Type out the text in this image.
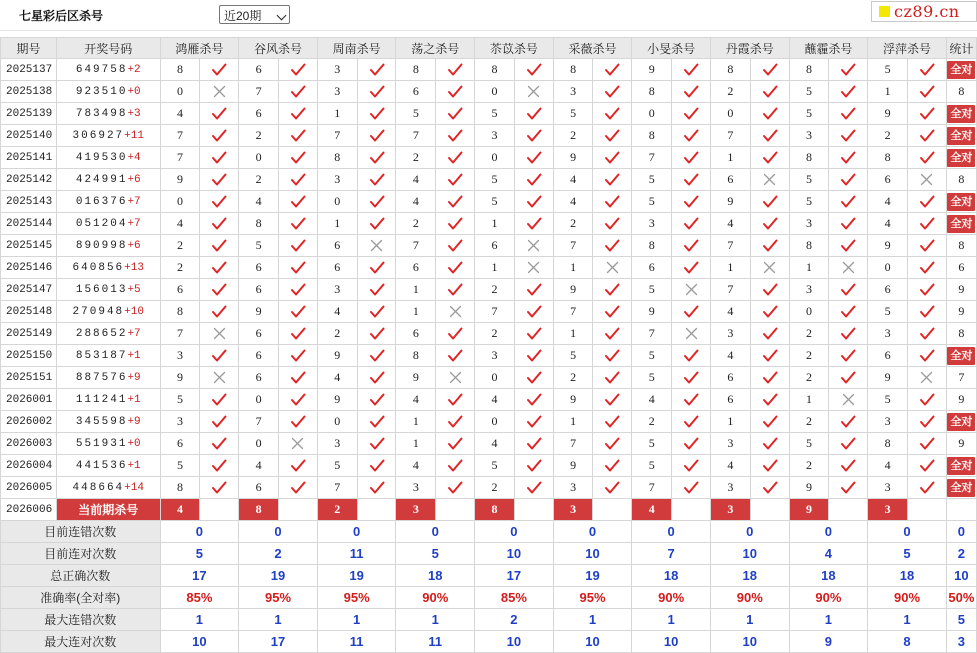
七星彩后区杀号	近20期	cz89.cn
期号	开奖号码	鸿雁杀号		谷风杀号		周南杀号		荡之杀号		苶苡杀号		采薇杀号		小旻杀号		丹霞杀号		蘸霾杀号		浮萍杀号		统计
2025137	649758+2	8		6		3		8		8		8		9		8		8		5		全对
2025138	923510+0	0		7		3		6		0		3		8		2		5		1		8
2025139	783498+3	4		6		1		5		5		5		0		0		5		9		全对
2025140	306927+11	7		2		7		7		3		2		8		7		3		2		全对
2025141	419530+4	7		0		8		2		0		9		7		1		8		8		全对
2025142	424991+6	9		2		3		4		5		4		5		6		5		6		8
2025143	016376+7	0		4		0		4		5		4		5		9		5		4		全对
2025144	051204+7	4		8		1		2		1		2		3		4		3		4		全对
2025145	890998+6	2		5		6		7		6		7		8		7		8		9		8
2025146	640856+13	2		6		6		6		1		1		6		1		1		0		6
2025147	156013+5	6		6		3		1		2		9		5		7		3		6		9
2025148	270948+10	8		9		4		1		7		7		9		4		0		5		9
2025149	288652+7	7		6		2		6		2		1		7		3		2		3		8
2025150	853187+1	3		6		9		8		3		5		5		4		2		6		全对
2025151	887576+9	9		6		4		9		0		2		5		6		2		9		7
2026001	111241+1	5		0		9		4		4		9		4		6		1		5		9
2026002	345598+9	3		7		0		1		0		1		2		1		2		3		全对
2026003	551931+0	6		0		3		1		4		7		5		3		5		8		9
2026004	441536+1	5		4		5		4		5		9		5		4		2		4		全对
2026005	448664+14	8		6		7		3		2		3		7		3		9		3		全对
2026006	当前期杀号	4		8		2		3		8		3		4		3		9		3		
目前连错次数		0		0		0		0		0		0		0		0		0		0		0
目前连对次数		5		2		11		5		10		10		7		10		4		5		2
总正确次数		17		19		19		18		17		19		18		18		18		18		10
准确率(全对率)		85%		95%		95%		90%		85%		95%		90%		90%		90%		90%		50%
最大连错次数		1		1		1		1		2		1		1		1		1		1		5
最大连对次数		10		17		11		11		10		10		10		10		9		8		3
